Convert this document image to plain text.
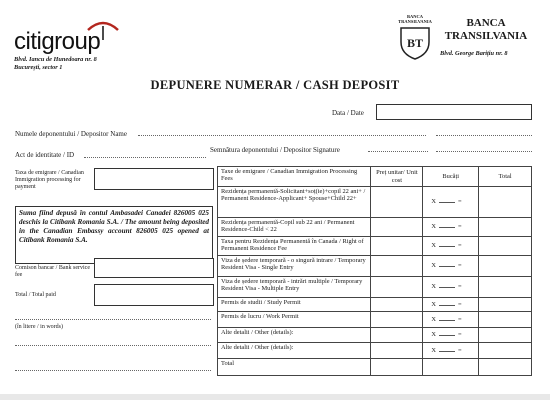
citigroup
Blvd. Iancu de Hunedoara nr. 8
București, sector 1
BANCA TRANSILVANIA
BT
BANCA
TRANSILVANIA
Blvd. George Barițiu nr. 8
DEPUNERE NUMERAR / CASH DEPOSIT
Data / Date
Numele deponentului / Depositor Name
Act de identitate / ID
Semnătura deponentului / Depositor Signature
Taxa de emigrare / Canadian Immigration processing for payment
Suma fiind depusă în contul Ambasadei Canadei 826005 025 deschis la Citibank Romania S.A. / The amount being deposited in the Canadian Embassy account 826005 025 opened at Citibank Romania S.A.
Comison bancar / Bank service fee
Total / Total paid
(în litere / in words)
Taxe de emigrare / Canadian Immigration Processing Fees	Preț unitar/ Unit cost	Bucăți	Total
Rezidența permanentă-Solicitant+soț(ie)+copil 22 ani+ / Permanent Residence-Applicant+ Spouse+Child 22+		X =	
Rezidența permanentă-Copil sub 22 ani / Permanent Residence-Child < 22		X =	
Taxa pentru Rezidența Permanentă în Canada / Right of Permanent Residence Fee		X =	
Viza de ședere temporară - o singură intrare / Temporary Resident Visa - Single Entry		X =	
Viza de ședere temporară - intrări multiple / Temporary Resident Visa - Multiple Entry		X =	
Permis de studii / Study Permit		X =	
Permis de lucru / Work Permit		X =	
Alte detalii / Other (details):		X =	
Alte detalii / Other (details):		X =	
Total			
